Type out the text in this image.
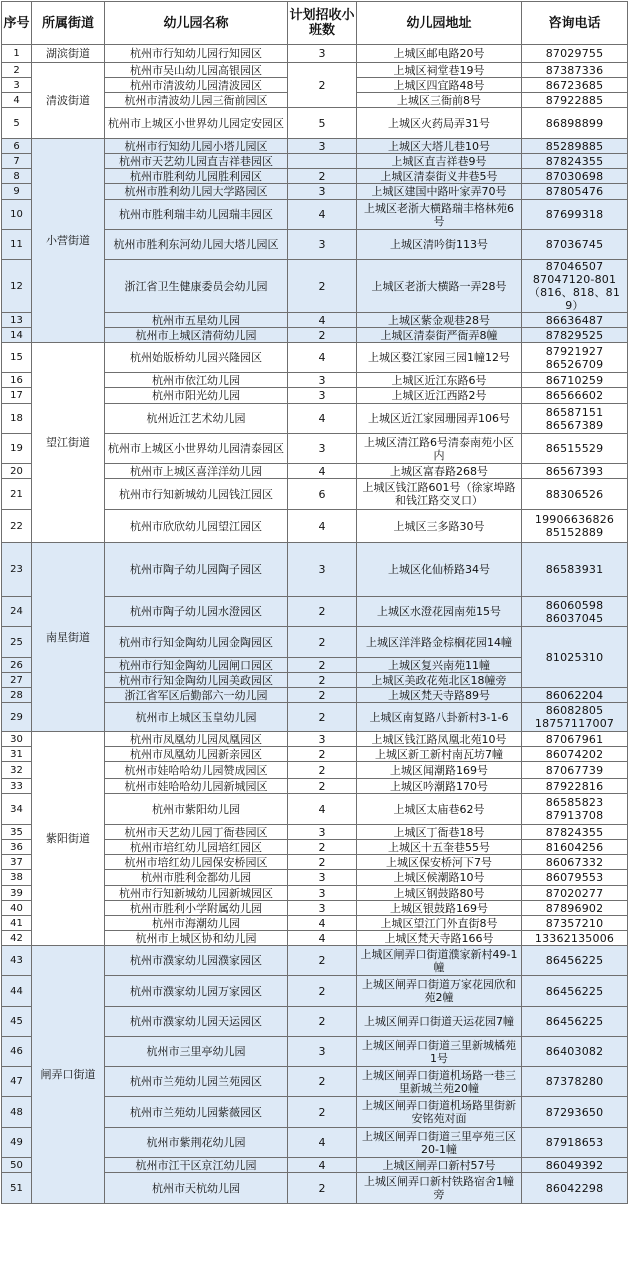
序号	所属街道	幼儿园名称	计划招收小班数	幼儿园地址	咨询电话
1	湖滨街道	杭州市行知幼儿园行知园区	3	上城区邮电路20号	87029755

2	清波街道	杭州市吴山幼儿园高银园区	2	上城区祠堂巷19号	87387336

3		杭州市清波幼儿园清波园区		上城区四宜路48号	86723685

4		杭州市清波幼儿园三衙前园区		上城区三衙前8号	87922885

5		杭州市上城区小世界幼儿园定安园区	5	上城区火药局弄31号	86898899

6	小营街道	杭州市行知幼儿园小塔儿园区	3	上城区大塔儿巷10号	85289885

7		杭州市天艺幼儿园直吉祥巷园区		上城区直吉祥巷9号	87824355

8		杭州市胜利幼儿园胜利园区	2	上城区清泰街义井巷5号	87030698

9		杭州市胜利幼儿园大学路园区	3	上城区建国中路叶家弄70号	87805476

10		杭州市胜利瑞丰幼儿园瑞丰园区	4	上城区老浙大横路瑞丰格林苑6号	87699318

11		杭州市胜利东河幼儿园大塔儿园区	3	上城区清吟街113号	87036745

12		浙江省卫生健康委员会幼儿园	2	上城区老浙大横路一弄28号	87046507
87047120-801
（816、818、819）

13		杭州市五星幼儿园	4	上城区紫金观巷28号	86636487

14		杭州市上城区清荷幼儿园	2	上城区清泰街严衙弄8幢	87829525

15	望江街道	杭州始版桥幼儿园兴隆园区	4	上城区婺江家园三园1幢12号	87921927
86526709

16		杭州市依江幼儿园	3	上城区近江东路6号	86710259

17		杭州市阳光幼儿园	3	上城区近江西路2号	86566602

18		杭州近江艺术幼儿园	4	上城区近江家园珊园弄106号	86587151
86567389

19		杭州市上城区小世界幼儿园清泰园区	3	上城区清江路6号清泰南苑小区内	86515529

20		杭州市上城区喜洋洋幼儿园	4	上城区富春路268号	86567393

21		杭州市行知新城幼儿园钱江园区	6	上城区钱江路601号（徐家埠路和钱江路交叉口）	88306526

22		杭州市欣欣幼儿园望江园区	4	上城区三多路30号	19906636826
85152889

23	南星街道	杭州市陶子幼儿园陶子园区	3	上城区化仙桥路34号	86583931

24		杭州市陶子幼儿园水澄园区	2	上城区水澄花园南苑15号	86060598
86037045

25		杭州市行知金陶幼儿园金陶园区	2	上城区洋泮路金棕榈花园14幢	81025310

26		杭州市行知金陶幼儿园闸口园区	2	上城区复兴南苑11幢	
27		杭州市行知金陶幼儿园美政园区	2	上城区美政花苑北区18幢旁	
28		浙江省军区后勤部六一幼儿园	2	上城区梵天寺路89号	86062204

29		杭州市上城区玉皇幼儿园	2	上城区南复路八卦新村3-1-6	86082805
18757117007

30	紫阳街道	杭州市凤凰幼儿园凤凰园区	3	上城区钱江路凤凰北苑10号	87067961

31		杭州市凤凰幼儿园新亲园区	2	上城区新工新村南瓦坊7幢	86074202

32		杭州市娃哈哈幼儿园赞成园区	2	上城区闻潮路169号	87067739

33		杭州市娃哈哈幼儿园新城园区	2	上城区吟潮路170号	87922816

34		杭州市紫阳幼儿园	4	上城区太庙巷62号	86585823
87913708

35		杭州市天艺幼儿园丁衙巷园区	3	上城区丁衙巷18号	87824355

36		杭州市培红幼儿园培红园区	2	上城区十五奎巷55号	81604256

37		杭州市培红幼儿园保安桥园区	2	上城区保安桥河下7号	86067332

38		杭州市胜利金都幼儿园	3	上城区候潮路10号	86079553

39		杭州市行知新城幼儿园新城园区	3	上城区钢鼓路80号	87020277

40		杭州市胜利小学附属幼儿园	3	上城区银鼓路169号	87896902

41		杭州市海潮幼儿园	4	上城区望江门外直街8号	87357210

42		杭州市上城区协和幼儿园	4	上城区梵天寺路166号	13362135006

43	闸弄口街道	杭州市濮家幼儿园濮家园区	2	上城区闸弄口街道濮家新村49-1幢	86456225

44		杭州市濮家幼儿园万家园区	2	上城区闸弄口街道万家花园欣和苑2幢	86456225

45		杭州市濮家幼儿园天运园区	2	上城区闸弄口街道天运花园7幢	86456225

46		杭州市三里亭幼儿园	3	上城区闸弄口街道三里新城橘苑1号	86403082

47		杭州市兰苑幼儿园兰苑园区	2	上城区闸弄口街道机场路一巷三里新城兰苑20幢	87378280

48		杭州市兰苑幼儿园紫薇园区	2	上城区闸弄口街道机场路里街新安铭苑对面	87293650

49		杭州市紫荆花幼儿园	4	上城区闸弄口街道三里亭苑三区20-1幢	87918653

50		杭州市江干区京江幼儿园	4	上城区闸弄口新村57号	86049392

51		杭州市天杭幼儿园	2	上城区闸弄口新村铁路宿舍1幢旁	86042298
